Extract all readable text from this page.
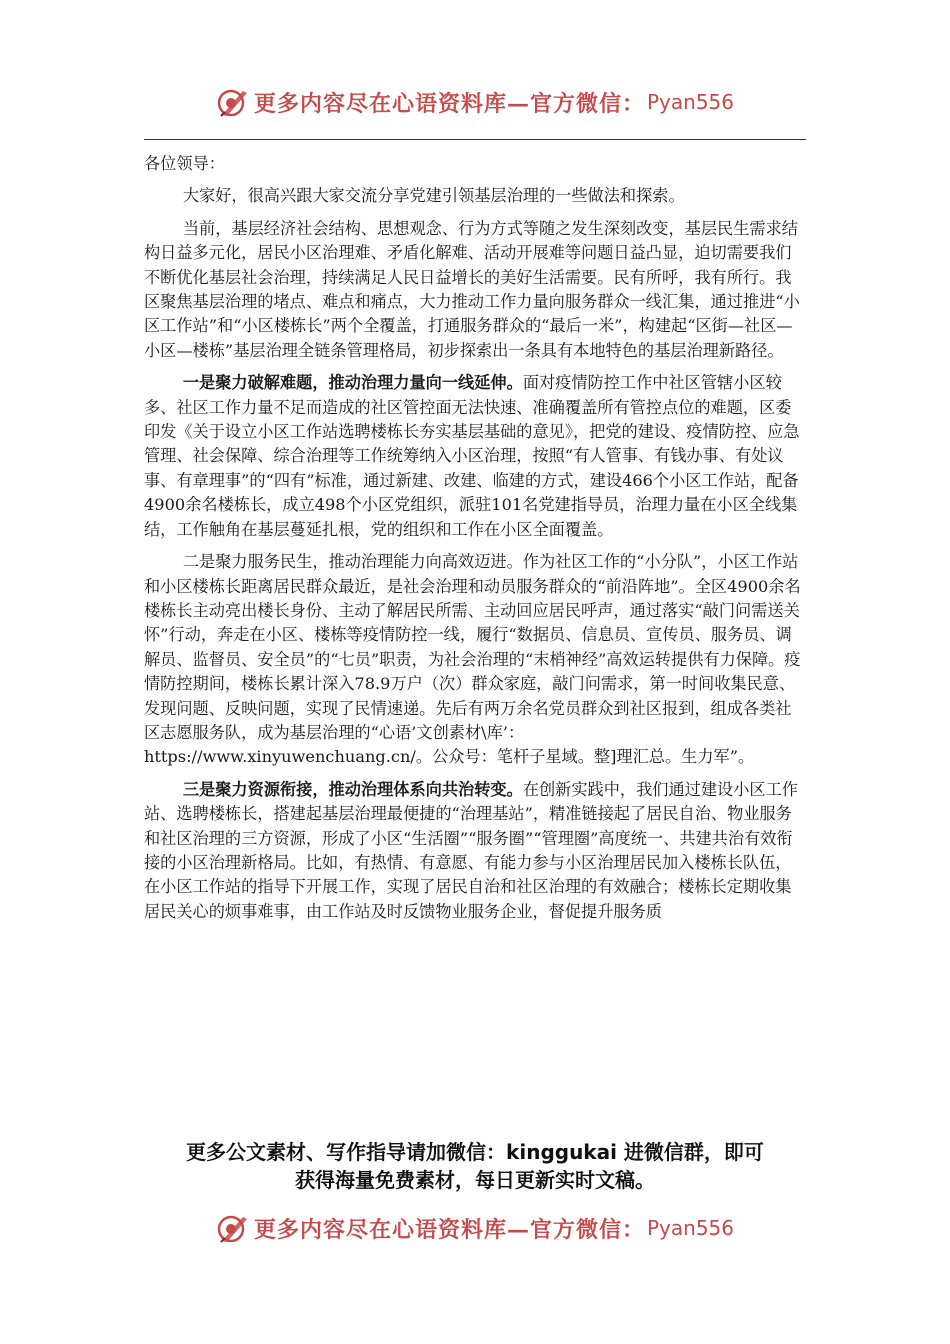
更多内容尽在心语资料库—官方微信： Pyan556

各位领导：

大家好，很高兴跟大家交流分享党建引领基层治理的一些做法和探索。

当前，基层经济社会结构、思想观念、行为方式等随之发生深刻改变，基层民生需求结构日益多元化，居民小区治理难、矛盾化解难、活动开展难等问题日益凸显，迫切需要我们不断优化基层社会治理，持续满足人民日益增长的美好生活需要。民有所呼，我有所行。我区聚焦基层治理的堵点、难点和痛点，大力推动工作力量向服务群众一线汇集，通过推进“小区工作站”和“小区楼栋长”两个全覆盖，打通服务群众的“最后一米”，构建起“区街—社区—小区—楼栋”基层治理全链条管理格局，初步探索出一条具有本地特色的基层治理新路径。

一是聚力破解难题，推动治理力量向一线延伸。面对疫情防控工作中社区管辖小区较多、社区工作力量不足而造成的社区管控面无法快速、准确覆盖所有管控点位的难题，区委印发《关于设立小区工作站选聘楼栋长夯实基层基础的意见》，把党的建设、疫情防控、应急管理、社会保障、综合治理等工作统筹纳入小区治理，按照“有人管事、有钱办事、有处议事、有章理事”的“四有”标准，通过新建、改建、临建的方式，建设466个小区工作站，配备4900余名楼栋长，成立498个小区党组织，派驻101名党建指导员，治理力量在小区全线集结，工作触角在基层蔓延扎根，党的组织和工作在小区全面覆盖。

二是聚力服务民生，推动治理能力向高效迈进。作为社区工作的“小分队”，小区工作站和小区楼栋长距离居民群众最近，是社会治理和动员服务群众的“前沿阵地”。全区4900余名楼栋长主动亮出楼长身份、主动了解居民所需、主动回应居民呼声，通过落实“敲门问需送关怀”行动，奔走在小区、楼栋等疫情防控一线，履行“数据员、信息员、宣传员、服务员、调解员、监督员、安全员”的“七员”职责，为社会治理的“末梢神经”高效运转提供有力保障。疫情防控期间，楼栋长累计深入78.9万户（次）群众家庭，敲门问需求，第一时间收集民意、发现问题、反映问题，实现了民情速递。先后有两万余名党员群众到社区报到，组成各类社区志愿服务队，成为基层治理的“心语’文创素材\库’：https://www.xinyuwenchuang.cn/。公众号：笔杆子星域。整]理汇总。生力军”。

三是聚力资源衔接，推动治理体系向共治转变。在创新实践中，我们通过建设小区工作站、选聘楼栋长，搭建起基层治理最便捷的“治理基站”，精准链接起了居民自治、物业服务和社区治理的三方资源，形成了小区“生活圈”“服务圈”“管理圈”高度统一、共建共治有效衔接的小区治理新格局。比如，有热情、有意愿、有能力参与小区治理居民加入楼栋长队伍，在小区工作站的指导下开展工作，实现了居民自治和社区治理的有效融合；楼栋长定期收集居民关心的烦事难事，由工作站及时反馈物业服务企业，督促提升服务质

更多公文素材、写作指导请加微信：kinggukai 进微信群，即可
获得海量免费素材，每日更新实时文稿。
更多内容尽在心语资料库—官方微信： Pyan556
